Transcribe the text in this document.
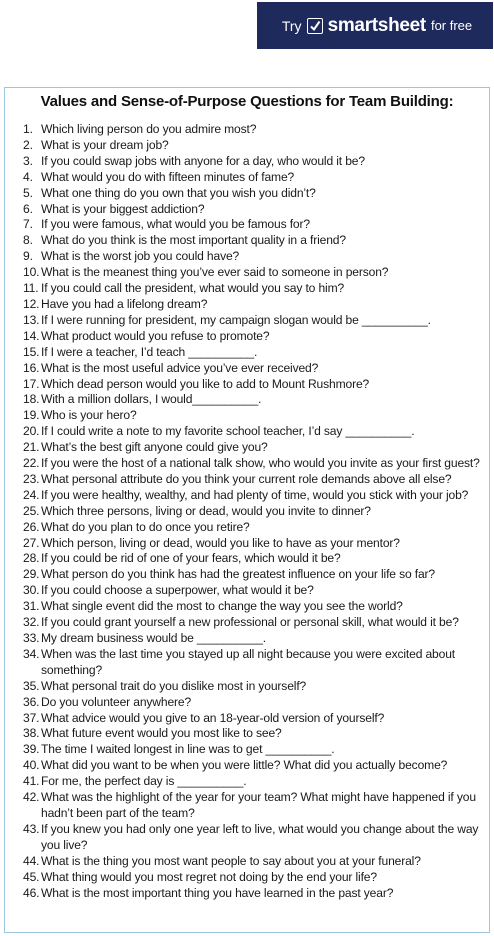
Try smartsheet for free
Values and Sense-of-Purpose Questions for Team Building:
1. Which living person do you admire most?
2. What is your dream job?
3. If you could swap jobs with anyone for a day, who would it be?
4. What would you do with fifteen minutes of fame?
5. What one thing do you own that you wish you didn’t?
6. What is your biggest addiction?
7. If you were famous, what would you be famous for?
8. What do you think is the most important quality in a friend?
9. What is the worst job you could have?
10. What is the meanest thing you’ve ever said to someone in person?
11. If you could call the president, what would you say to him?
12. Have you had a lifelong dream?
13. If I were running for president, my campaign slogan would be __________.
14. What product would you refuse to promote?
15. If I were a teacher, I’d teach __________.
16. What is the most useful advice you’ve ever received?
17. Which dead person would you like to add to Mount Rushmore?
18. With a million dollars, I would__________.
19. Who is your hero?
20. If I could write a note to my favorite school teacher, I’d say __________.
21. What’s the best gift anyone could give you?
22. If you were the host of a national talk show, who would you invite as your first guest?
23. What personal attribute do you think your current role demands above all else?
24. If you were healthy, wealthy, and had plenty of time, would you stick with your job?
25. Which three persons, living or dead, would you invite to dinner?
26. What do you plan to do once you retire?
27. Which person, living or dead, would you like to have as your mentor?
28. If you could be rid of one of your fears, which would it be?
29. What person do you think has had the greatest influence on your life so far?
30. If you could choose a superpower, what would it be?
31. What single event did the most to change the way you see the world?
32. If you could grant yourself a new professional or personal skill, what would it be?
33. My dream business would be __________.
34. When was the last time you stayed up all night because you were excited about something?
35. What personal trait do you dislike most in yourself?
36. Do you volunteer anywhere?
37. What advice would you give to an 18-year-old version of yourself?
38. What future event would you most like to see?
39. The time I waited longest in line was to get __________.
40. What did you want to be when you were little? What did you actually become?
41. For me, the perfect day is __________.
42. What was the highlight of the year for your team? What might have happened if you hadn’t been part of the team?
43. If you knew you had only one year left to live, what would you change about the way you live?
44. What is the thing you most want people to say about you at your funeral?
45. What thing would you most regret not doing by the end your life?
46. What is the most important thing you have learned in the past year?
